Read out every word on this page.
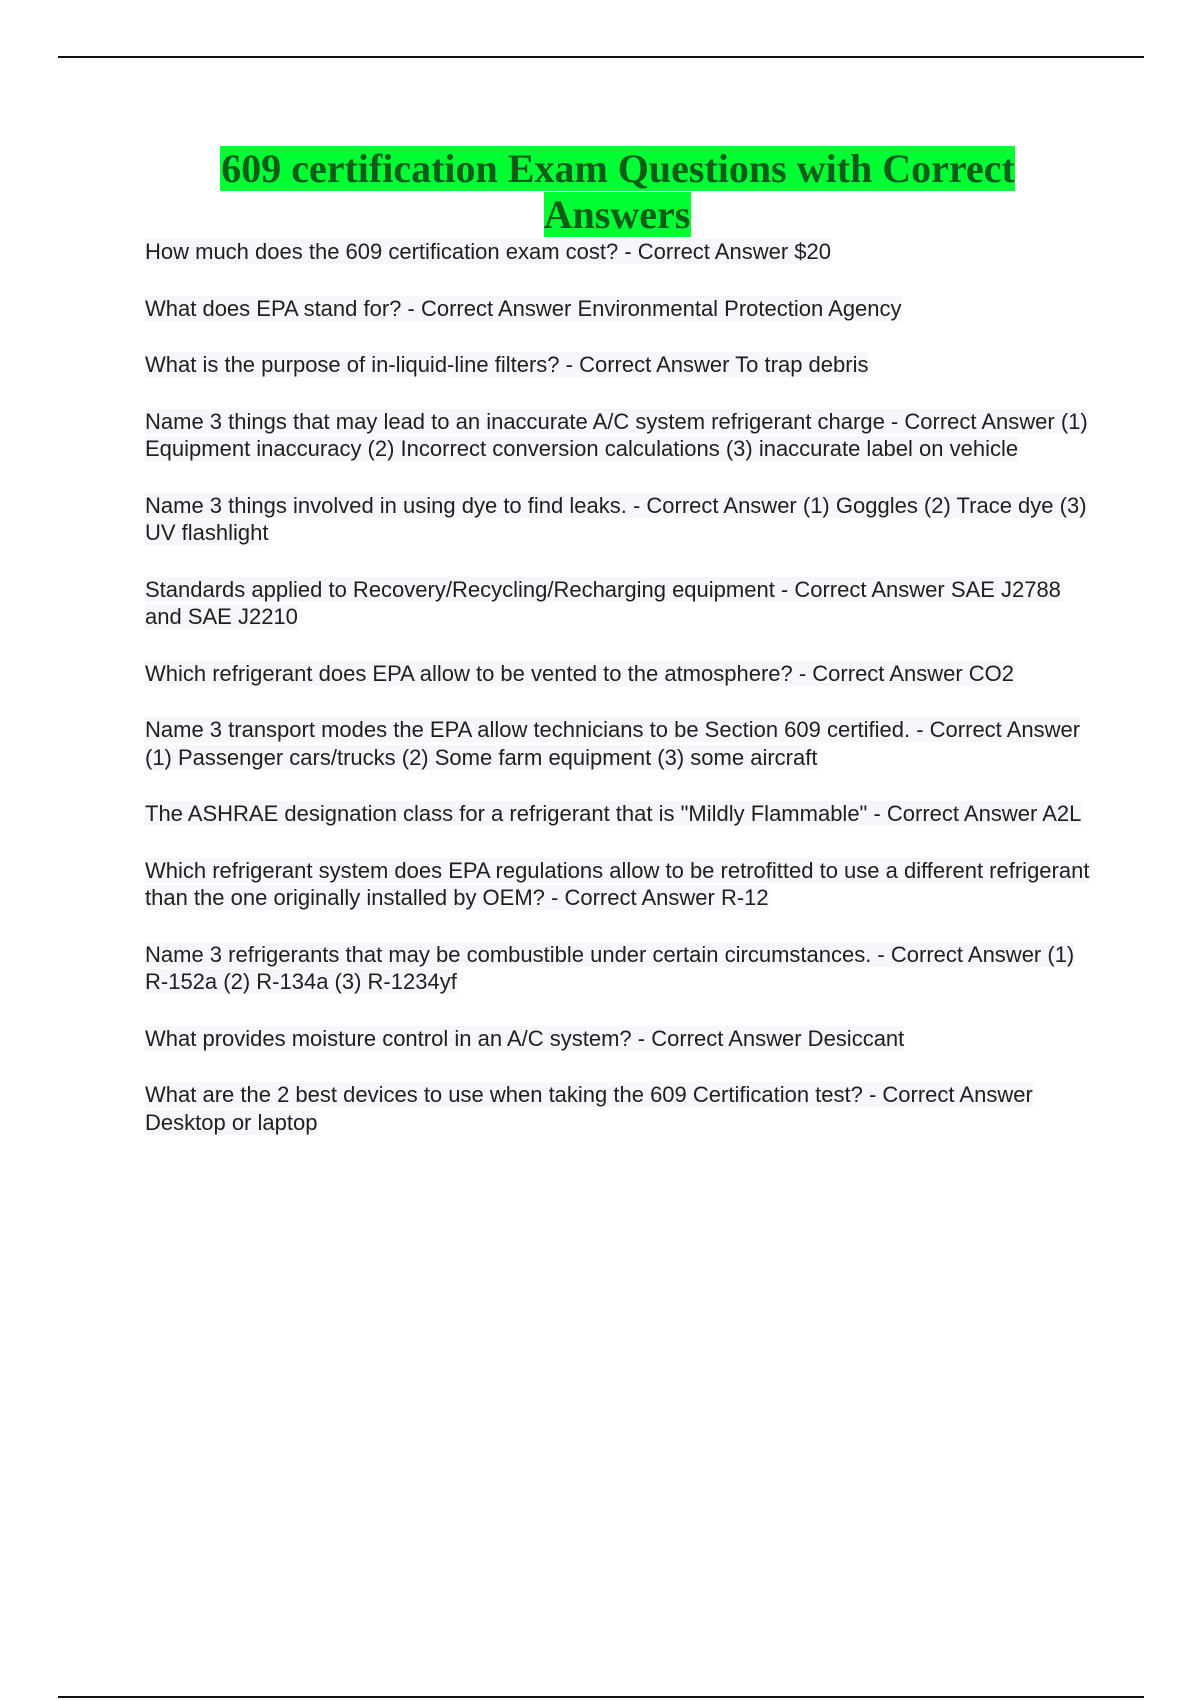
609 certification Exam Questions with Correct Answers

How much does the 609 certification exam cost? - Correct Answer $20

What does EPA stand for? - Correct Answer Environmental Protection Agency

What is the purpose of in-liquid-line filters? - Correct Answer To trap debris

Name 3 things that may lead to an inaccurate A/C system refrigerant charge - Correct Answer (1) Equipment inaccuracy (2) Incorrect conversion calculations (3) inaccurate label on vehicle

Name 3 things involved in using dye to find leaks. - Correct Answer (1) Goggles (2) Trace dye (3) UV flashlight

Standards applied to Recovery/Recycling/Recharging equipment - Correct Answer SAE J2788 and SAE J2210

Which refrigerant does EPA allow to be vented to the atmosphere? - Correct Answer CO2

Name 3 transport modes the EPA allow technicians to be Section 609 certified. - Correct Answer (1) Passenger cars/trucks (2) Some farm equipment (3) some aircraft

The ASHRAE designation class for a refrigerant that is "Mildly Flammable" - Correct Answer A2L

Which refrigerant system does EPA regulations allow to be retrofitted to use a different refrigerant than the one originally installed by OEM? - Correct Answer R-12

Name 3 refrigerants that may be combustible under certain circumstances. - Correct Answer (1) R-152a (2) R-134a (3) R-1234yf

What provides moisture control in an A/C system? - Correct Answer Desiccant

What are the 2 best devices to use when taking the 609 Certification test? - Correct Answer Desktop or laptop
